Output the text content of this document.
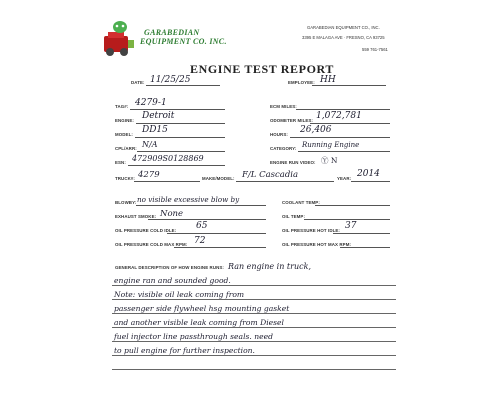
GARABEDIAN
EQUIPMENT CO. INC.
GARABEDIAN EQUIPMENT CO., INC.
3395 E MALAGA AVE · FRESNO, CA 93725
559 761-7561
ENGINE TEST REPORT
DATE: 11/25/25	EMPLOYEE: HH
TAG#: 4279-1	ECM MILES:
ENGINE: Detroit	ODOMETER MILES: 1,072,781
MODEL: DD15	HOURS: 26,406
CPL/ARR: N/A	CATEGORY: Running Engine
ESN: 472909S0128869	ENGINE RUN VIDEO: Ⓨ N
TRUCK#: 4279	MAKE/MODEL: F/L Cascadia	YEAR: 2014
BLOWBY: no visible excessive blow by	COOLANT TEMP:
EXHAUST SMOKE: None	OIL TEMP:
OIL PRESSURE COLD IDLE: 65	OIL PRESSURE HOT IDLE: 37
OIL PRESSURE COLD MAX RPM: 72	OIL PRESSURE HOT MAX RPM:
GENERAL DESCRIPTION OF HOW ENGINE RUNS: Ran engine in truck,
engine ran and sounded good.
Note: visible oil leak coming from
passenger side flywheel hsg mounting gasket
and another visible leak coming from Diesel
fuel injector line passthrough seals. need
to pull engine for further inspection.
